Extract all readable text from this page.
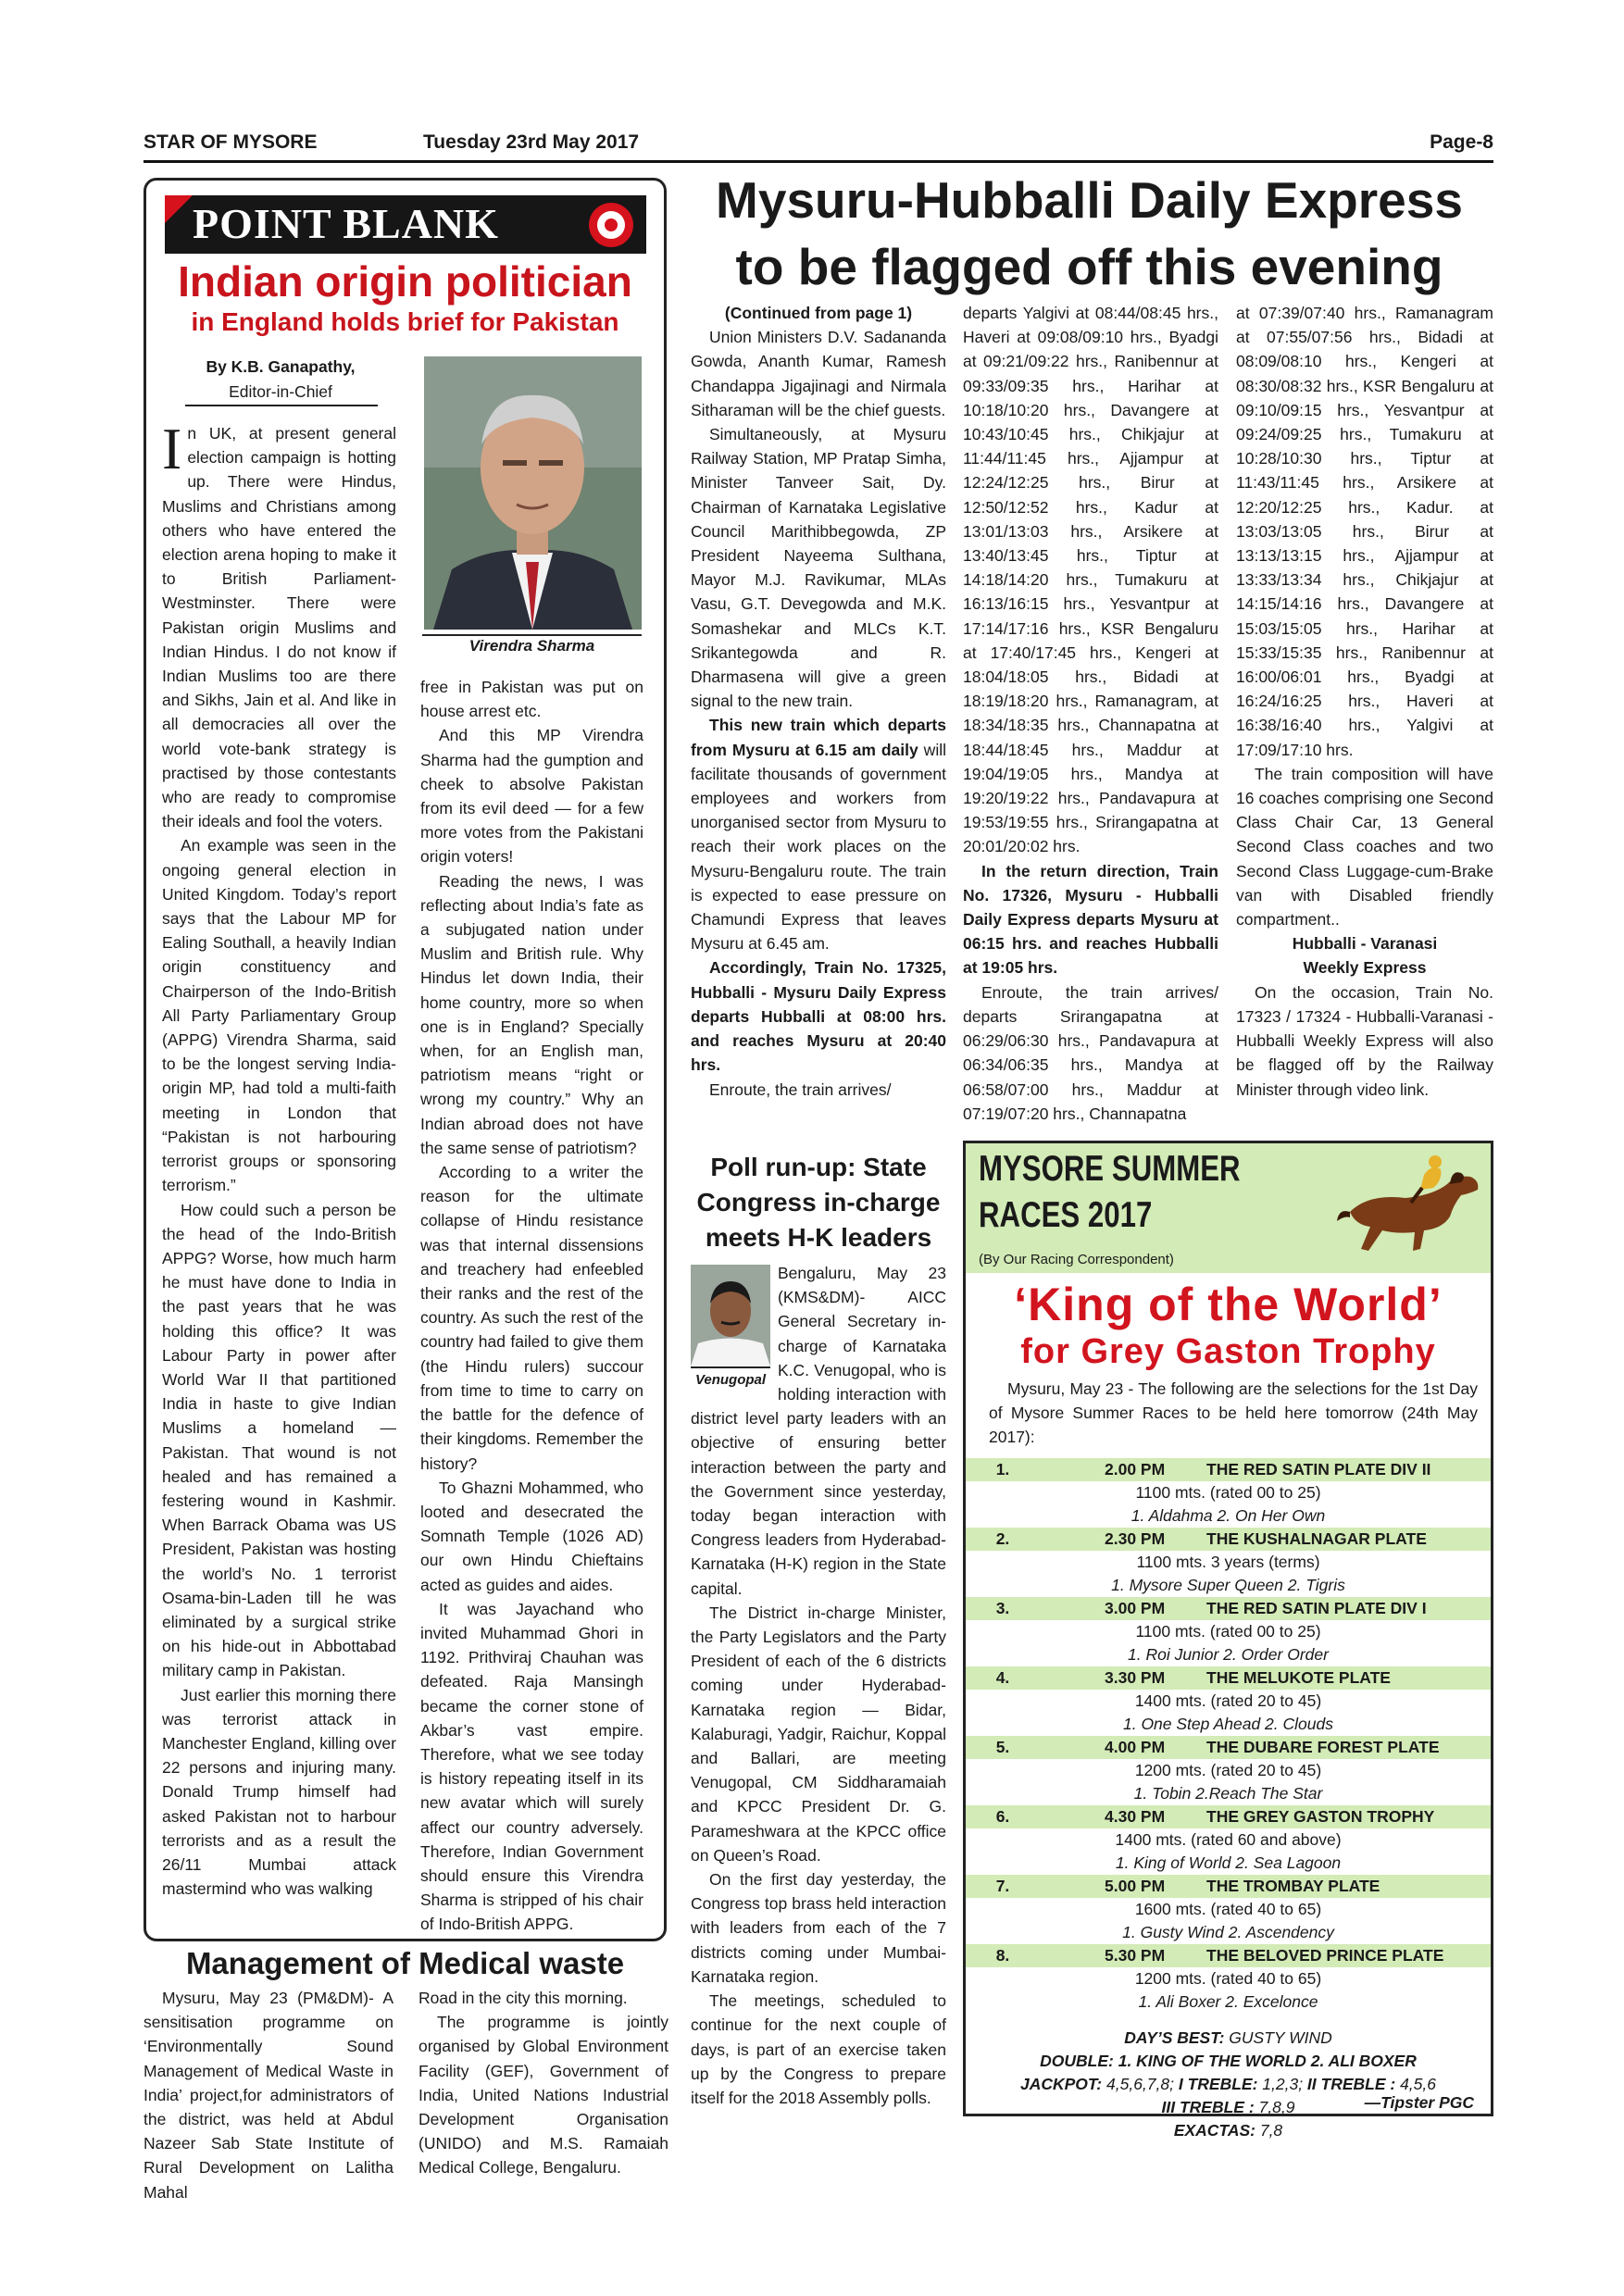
STAR OF MYSORE	Tuesday 23rd May 2017	Page-8
POINT BLANK
Indian origin politician
in England holds brief for Pakistan
By K.B. Ganapathy,
Editor-in-Chief
Virendra Sharma

In UK, at present general election campaign is hotting up. There were Hindus, Muslims and Christians among others who have entered the election arena hoping to make it to British Parliament-Westminster. There were Pakistan origin Muslims and Indian Hindus. I do not know if Indian Muslims too are there and Sikhs, Jain et al. And like in all democracies all over the world vote-bank strategy is practised by those contestants who are ready to compromise their ideals and fool the voters.

An example was seen in the ongoing general election in United Kingdom. Today’s report says that the Labour MP for Ealing Southall, a heavily Indian origin constituency and Chairperson of the Indo-British All Party Parliamentary Group (APPG) Virendra Sharma, said to be the longest serving India-origin MP, had told a multi-faith meeting in London that “Pakistan is not harbouring terrorist groups or sponsoring terrorism.”

How could such a person be the head of the Indo-British APPG? Worse, how much harm he must have done to India in the past years that he was holding this office? It was Labour Party in power after World War II that partitioned India in haste to give Indian Muslims a homeland — Pakistan. That wound is not healed and has remained a festering wound in Kashmir. When Barrack Obama was US President, Pakistan was hosting the world’s No. 1 terrorist Osama-bin-Laden till he was eliminated by a surgical strike on his hide-out in Abbottabad military camp in Pakistan.

Just earlier this morning there was terrorist attack in Manchester England, killing over 22 persons and injuring many. Donald Trump himself had asked Pakistan not to harbour terrorists and as a result the 26/11 Mumbai attack mastermind who was walking

free in Pakistan was put on house arrest etc.

And this MP Virendra Sharma had the gumption and cheek to absolve Pakistan from its evil deed — for a few more votes from the Pakistani origin voters!

Reading the news, I was reflecting about India’s fate as a subjugated nation under Muslim and British rule. Why Hindus let down India, their home country, more so when one is in England? Specially when, for an English man, patriotism means “right or wrong my country.” Why an Indian abroad does not have the same sense of patriotism?

According to a writer the reason for the ultimate collapse of Hindu resistance was that internal dissensions and treachery had enfeebled their ranks and the rest of the country. As such the rest of the country had failed to give them (the Hindu rulers) succour from time to time to carry on the battle for the defence of their kingdoms. Remember the history?

To Ghazni Mohammed, who looted and desecrated the Somnath Temple (1026 AD) our own Hindu Chieftains acted as guides and aides.

It was Jayachand who invited Muhammad Ghori in 1192. Prithviraj Chauhan was defeated. Raja Mansingh became the corner stone of Akbar’s vast empire. Therefore, what we see today is history repeating itself in its new avatar which will surely affect our country adversely. Therefore, Indian Government should ensure this Virendra Sharma is stripped of his chair of Indo-British APPG.

Management of Medical waste

Mysuru, May 23 (PM&DM)- A sensitisation programme on ‘Environmentally Sound Management of Medical Waste in India’ project,for administrators of the district, was held at Abdul Nazeer Sab State Institute of Rural Development on Lalitha Mahal

Road in the city this morning.

The programme is jointly organised by Global Environment Facility (GEF), Government of India, United Nations Industrial Development Organisation (UNIDO) and M.S. Ramaiah Medical College, Bengaluru.

Mysuru-Hubballi Daily Express
to be flagged off this evening

(Continued from page 1)

Union Ministers D.V. Sadananda Gowda, Ananth Kumar, Ramesh Chandappa Jigajinagi and Nirmala Sitharaman will be the chief guests.

Simultaneously, at Mysuru Railway Station, MP Pratap Simha, Minister Tanveer Sait, Dy. Chairman of Karnataka Legislative Council Marithibbegowda, ZP President Nayeema Sulthana, Mayor M.J. Ravikumar, MLAs Vasu, G.T. Devegowda and M.K. Somashekar and MLCs K.T. Srikantegowda and R. Dharmasena will give a green signal to the new train.

This new train which departs from Mysuru at 6.15 am daily will facilitate thousands of government employees and workers from unorganised sector from Mysuru to reach their work places on the Mysuru-Bengaluru route. The train is expected to ease pressure on Chamundi Express that leaves Mysuru at 6.45 am.

Accordingly, Train No. 17325, Hubballi - Mysuru Daily Express departs Hubballi at 08:00 hrs. and reaches Mysuru at 20:40 hrs.

Enroute, the train arrives/

departs Yalgivi at 08:44/08:45 hrs., Haveri at 09:08/09:10 hrs., Byadgi at 09:21/09:22 hrs., Ranibennur at 09:33/09:35 hrs., Harihar at 10:18/10:20 hrs., Davangere at 10:43/10:45 hrs., Chikjajur at 11:44/11:45 hrs., Ajjampur at 12:24/12:25 hrs., Birur at 12:50/12:52 hrs., Kadur at 13:01/13:03 hrs., Arsikere at 13:40/13:45 hrs., Tiptur at 14:18/14:20 hrs., Tumakuru at 16:13/16:15 hrs., Yesvantpur at 17:14/17:16 hrs., KSR Bengaluru at 17:40/17:45 hrs., Kengeri at 18:04/18:05 hrs., Bidadi at 18:19/18:20 hrs., Ramanagram, at 18:34/18:35 hrs., Channapatna at 18:44/18:45 hrs., Maddur at 19:04/19:05 hrs., Mandya at 19:20/19:22 hrs., Pandavapura at 19:53/19:55 hrs., Srirangapatna at 20:01/20:02 hrs.

In the return direction, Train No. 17326, Mysuru - Hubballi Daily Express departs Mysuru at 06:15 hrs. and reaches Hubballi at 19:05 hrs.

Enroute, the train arrives/ departs Srirangapatna at 06:29/06:30 hrs., Pandavapura at 06:34/06:35 hrs., Mandya at 06:58/07:00 hrs., Maddur at 07:19/07:20 hrs., Channapatna

at 07:39/07:40 hrs., Ramanagram at 07:55/07:56 hrs., Bidadi at 08:09/08:10 hrs., Kengeri at 08:30/08:32 hrs., KSR Bengaluru at 09:10/09:15 hrs., Yesvantpur at 09:24/09:25 hrs., Tumakuru at 10:28/10:30 hrs., Tiptur at 11:43/11:45 hrs., Arsikere at 12:20/12:25 hrs., Kadur. at 13:03/13:05 hrs., Birur at 13:13/13:15 hrs., Ajjampur at 13:33/13:34 hrs., Chikjajur at 14:15/14:16 hrs., Davangere at 15:03/15:05 hrs., Harihar at 15:33/15:35 hrs., Ranibennur at 16:00/06:01 hrs., Byadgi at 16:24/16:25 hrs., Haveri at 16:38/16:40 hrs., Yalgivi at 17:09/17:10 hrs.

The train composition will have 16 coaches comprising one Second Class Chair Car, 13 General Second Class coaches and two Second Class Luggage-cum-Brake van with Disabled friendly compartment..

Hubballi - Varanasi

Weekly Express

On the occasion, Train No. 17323 / 17324 - Hubballi-Varanasi - Hubballi Weekly Express will also be flagged off by the Railway Minister through video link.

Poll run-up: State Congress in-charge meets H-K leaders
Venugopal

Bengaluru, May 23 (KMS&DM)- AICC General Secretary in-charge of Karnataka K.C. Venugopal, who is holding interaction with district level party leaders with an objective of ensuring better interaction between the party and the Government since yesterday, today began interaction with Congress leaders from Hyderabad-Karnataka (H-K) region in the State capital.

The District in-charge Minister, the Party Legislators and the Party President of each of the 6 districts coming under Hyderabad-Karnataka region — Bidar, Kalaburagi, Yadgir, Raichur, Koppal and Ballari, are meeting Venugopal, CM Siddharamaiah and KPCC President Dr. G. Parameshwara at the KPCC office on Queen’s Road.

On the first day yesterday, the Congress top brass held interaction with leaders from each of the 7 districts coming under Mumbai-Karnataka region.

The meetings, scheduled to continue for the next couple of days, is part of an exercise taken up by the Congress to prepare itself for the 2018 Assembly polls.

MYSORE SUMMER
RACES 2017
(By Our Racing Correspondent)
‘King of the World’
for Grey Gaston Trophy
Mysuru, May 23 - The following are the selections for the 1st Day of Mysore Summer Races to be held here tomorrow (24th May 2017):
1.	2.00 PM	THE RED SATIN PLATE DIV II
1100 mts. (rated 00 to 25)
1. Aldahma 2. On Her Own
2.	2.30 PM	THE KUSHALNAGAR PLATE
1100 mts. 3 years (terms)
1. Mysore Super Queen 2. Tigris
3.	3.00 PM	THE RED SATIN PLATE DIV I
1100 mts. (rated 00 to 25)
1. Roi Junior 2. Order Order
4.	3.30 PM	THE MELUKOTE PLATE
1400 mts. (rated 20 to 45)
1. One Step Ahead 2. Clouds
5.	4.00 PM	THE DUBARE FOREST PLATE
1200 mts. (rated 20 to 45)
1. Tobin 2.Reach The Star
6.	4.30 PM	THE GREY GASTON TROPHY
1400 mts. (rated 60 and above)
1. King of World 2. Sea Lagoon
7.	5.00 PM	THE TROMBAY PLATE
1600 mts. (rated 40 to 65)
1. Gusty Wind 2. Ascendency
8.	5.30 PM	THE BELOVED PRINCE PLATE
1200 mts. (rated 40 to 65)
1. Ali Boxer 2. Excelonce
DAY’S BEST: GUSTY WIND
DOUBLE: 1. KING OF THE WORLD 2. ALI BOXER
JACKPOT: 4,5,6,7,8; I TREBLE: 1,2,3; II TREBLE : 4,5,6
III TREBLE : 7,8,9
EXACTAS: 7,8
—Tipster PGC
